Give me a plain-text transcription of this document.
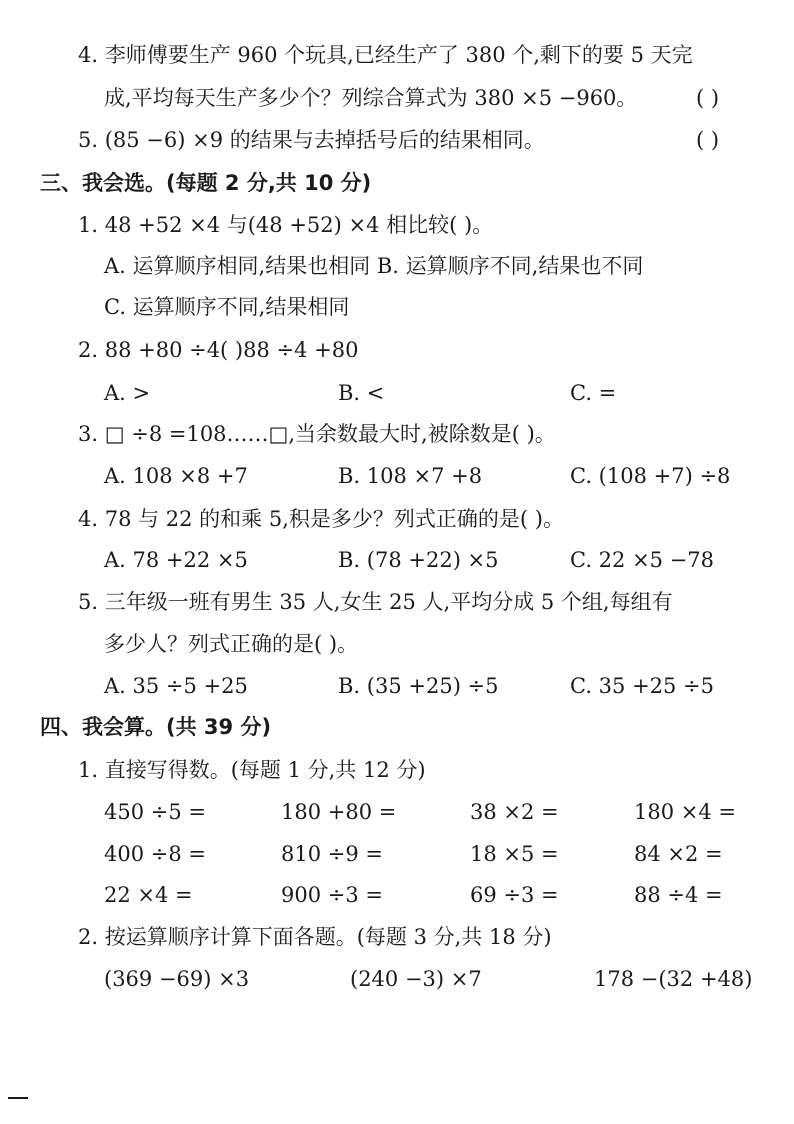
4. 李师傅要生产 960 个玩具,已经生产了 380 个,剩下的要 5 天完
成,平均每天生产多少个？列综合算式为 380 ×5 −960。	( )
5. (85 −6) ×9 的结果与去掉括号后的结果相同。	( )
三、我会选。(每题 2 分,共 10 分)
1. 48 +52 ×4 与(48 +52) ×4 相比较( )。
A. 运算顺序相同,结果也相同 B. 运算顺序不同,结果也不同
C. 运算顺序不同,结果相同
2. 88 +80 ÷4( )88 ÷4 +80
A. >	B. <	C. =
3. □ ÷8 =108……□,当余数最大时,被除数是( )。
A. 108 ×8 +7	B. 108 ×7 +8	C. (108 +7) ÷8
4. 78 与 22 的和乘 5,积是多少？列式正确的是( )。
A. 78 +22 ×5	B. (78 +22) ×5	C. 22 ×5 −78
5. 三年级一班有男生 35 人,女生 25 人,平均分成 5 个组,每组有
多少人？列式正确的是( )。
A. 35 ÷5 +25	B. (35 +25) ÷5	C. 35 +25 ÷5
四、我会算。(共 39 分)
1. 直接写得数。(每题 1 分,共 12 分)
450 ÷5 =	180 +80 =	38 ×2 =	180 ×4 =
400 ÷8 =	810 ÷9 =	18 ×5 =	84 ×2 =
22 ×4 =	900 ÷3 =	69 ÷3 =	88 ÷4 =
2. 按运算顺序计算下面各题。(每题 3 分,共 18 分)
(369 −69) ×3	(240 −3) ×7	178 −(32 +48)
